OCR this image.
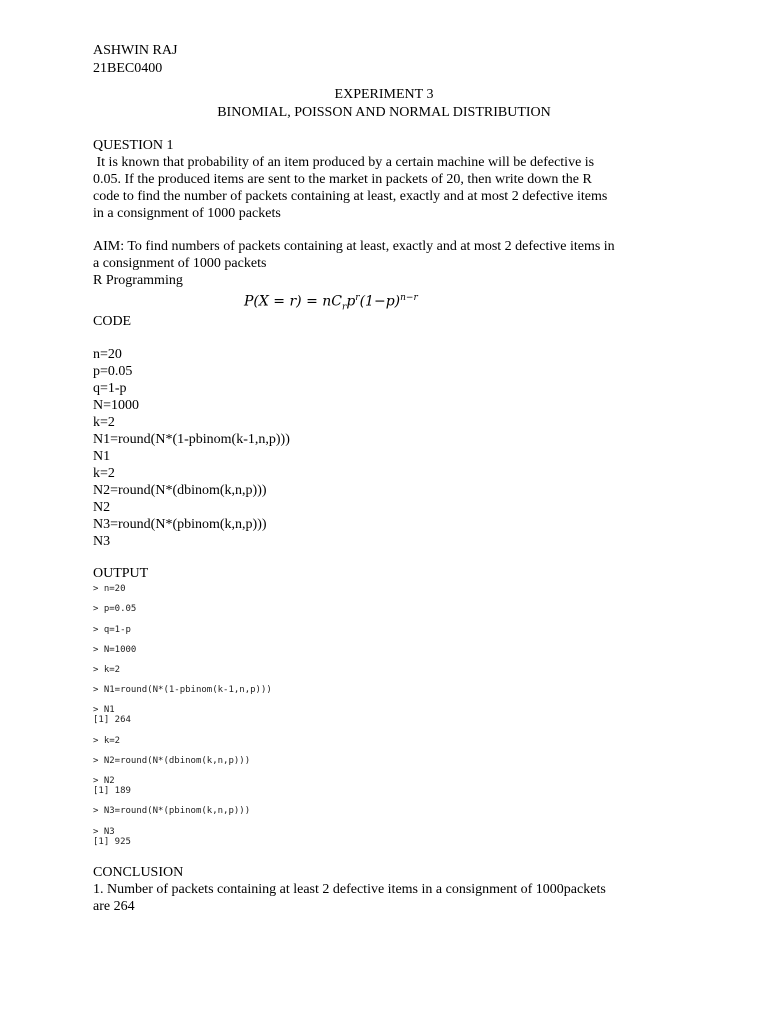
ASHWIN RAJ
21BEC0400
EXPERIMENT 3
BINOMIAL, POISSON AND NORMAL DISTRIBUTION
QUESTION 1
It is known that probability of an item produced by a certain machine will be defective is
0.05. If the produced items are sent to the market in packets of 20, then write down the R
code to find the number of packets containing at least, exactly and at most 2 defective items
in a consignment of 1000 packets
AIM: To find numbers of packets containing at least, exactly and at most 2 defective items in
a consignment of 1000 packets
R Programming
$P(X = r) = nC_rp^r(1-p)^{n-r}$
CODE
n=20
p=0.05
q=1-p
N=1000
k=2
N1=round(N*(1-pbinom(k-1,n,p)))
N1
k=2
N2=round(N*(dbinom(k,n,p)))
N2
N3=round(N*(pbinom(k,n,p)))
N3
OUTPUT
> n=20
> p=0.05
> q=1-p
> N=1000
> k=2
> N1=round(N*(1-pbinom(k-1,n,p)))
> N1
[1] 264
> k=2
> N2=round(N*(dbinom(k,n,p)))
> N2
[1] 189
> N3=round(N*(pbinom(k,n,p)))
> N3
[1] 925
CONCLUSION
1. Number of packets containing at least 2 defective items in a consignment of 1000packets
are 264
